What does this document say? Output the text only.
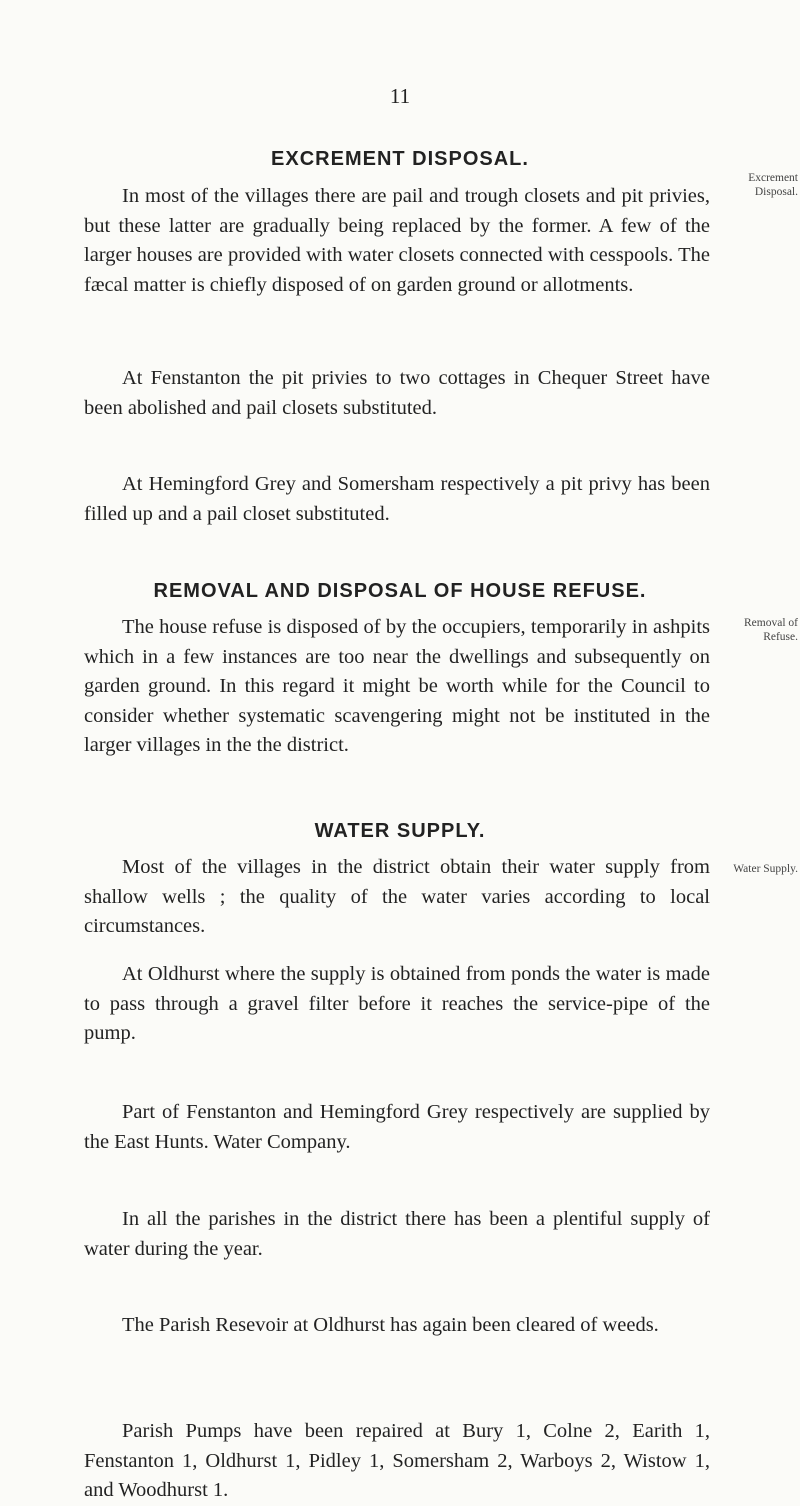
11
EXCREMENT DISPOSAL.
Excrement Disposal.

In most of the villages there are pail and trough closets and pit privies, but these latter are gradually being replaced by the former. A few of the larger houses are provided with water closets connected with cesspools. The fæcal matter is chiefly disposed of on garden ground or allotments.

At Fenstanton the pit privies to two cottages in Chequer Street have been abolished and pail closets substituted.

At Hemingford Grey and Somersham respectively a pit privy has been filled up and a pail closet substituted.

REMOVAL AND DISPOSAL OF HOUSE REFUSE.
Removal of Refuse.

The house refuse is disposed of by the occupiers, temporarily in ashpits which in a few instances are too near the dwellings and subsequently on garden ground. In this regard it might be worth while for the Council to consider whether systematic scavengering might not be instituted in the larger villages in the the district.

WATER SUPPLY.
Water Supply.

Most of the villages in the district obtain their water supply from shallow wells ; the quality of the water varies according to local circumstances.

At Oldhurst where the supply is obtained from ponds the water is made to pass through a gravel filter before it reaches the service-pipe of the pump.

Part of Fenstanton and Hemingford Grey respectively are supplied by the East Hunts. Water Company.

In all the parishes in the district there has been a plentiful supply of water during the year.

The Parish Resevoir at Oldhurst has again been cleared of weeds.

Parish Pumps have been repaired at Bury 1, Colne 2, Earith 1, Fenstanton 1, Oldhurst 1, Pidley 1, Somersham 2, Warboys 2, Wistow 1, and Woodhurst 1.
